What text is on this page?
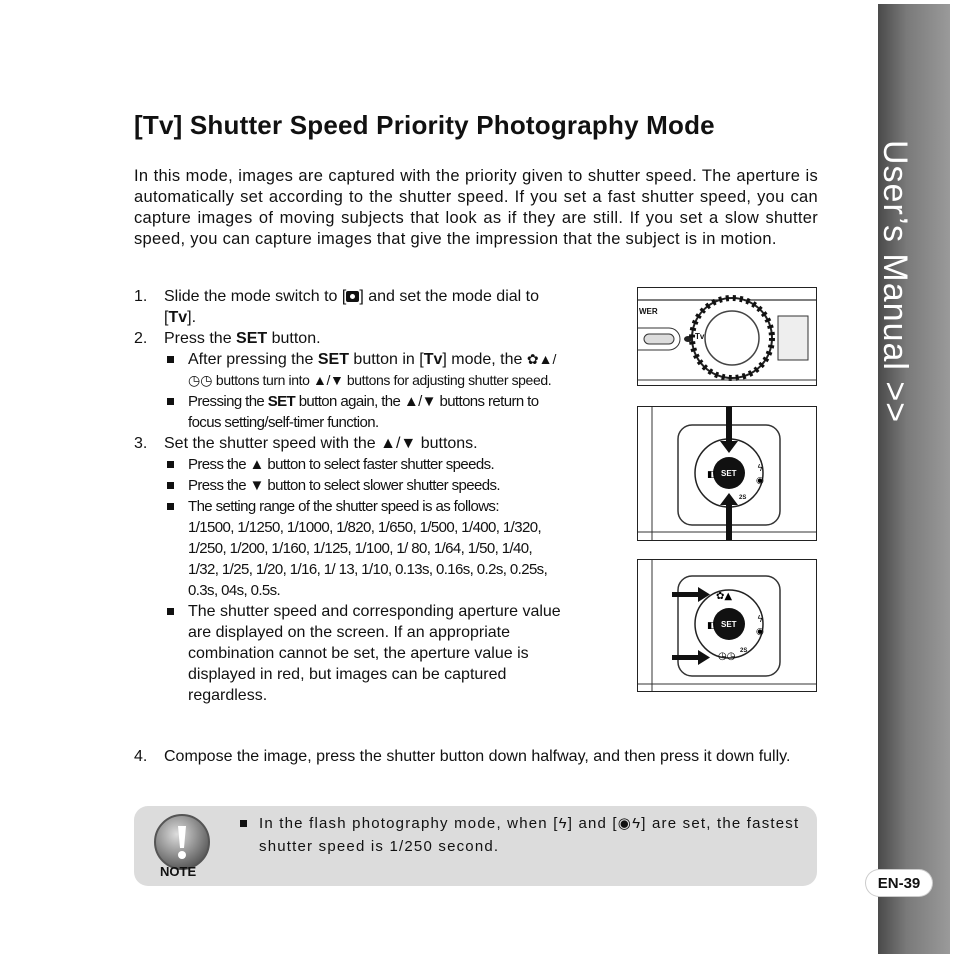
User’s Manual >>
EN-39
[Tv] Shutter Speed Priority Photography Mode
In this mode, images are captured with the priority given to shutter speed. The aperture is automatically set according to the shutter speed. If you set a fast shutter speed, you can capture images of moving subjects that look as if they are still. If you set a slow shutter speed, you can capture images that give the impression that the subject is in motion.
1.	Slide the mode switch to [ ] and set the mode dial to [Tv].
2.	Press the SET button.
After pressing the SET button in [Tv] mode, the ✿▲/◷◷ buttons turn into ▲/▼ buttons for adjusting shutter speed.
Pressing the SET button again, the ▲/▼ buttons return to focus setting/self-timer function.
3.	Set the shutter speed with the ▲/▼ buttons.
Press the ▲ button to select faster shutter speeds.
Press the ▼ button to select slower shutter speeds.
The setting range of the shutter speed is as follows:
1/1500, 1/1250, 1/1000, 1/820, 1/650, 1/500, 1/400, 1/320, 1/250, 1/200, 1/160, 1/125, 1/100, 1/ 80, 1/64, 1/50, 1/40, 1/32, 1/25, 1/20, 1/16, 1/ 13, 1/10, 0.13s, 0.16s, 0.2s, 0.25s, 0.3s, 04s, 0.5s.
The shutter speed and corresponding aperture value are displayed on the screen. If an appropriate combination cannot be set, the aperture value is displayed in red, but images can be captured regardless.
4.	Compose the image, press the shutter button down halfway, and then press it down fully.
WER
Tv
◧
ϟ
◉
SET
2S
✿▲
◧
ϟ
◉
◷◷
SET
2S
NOTE
In the flash photography mode, when [ϟ] and [◉ϟ] are set, the fastest shutter speed is 1/250 second.
